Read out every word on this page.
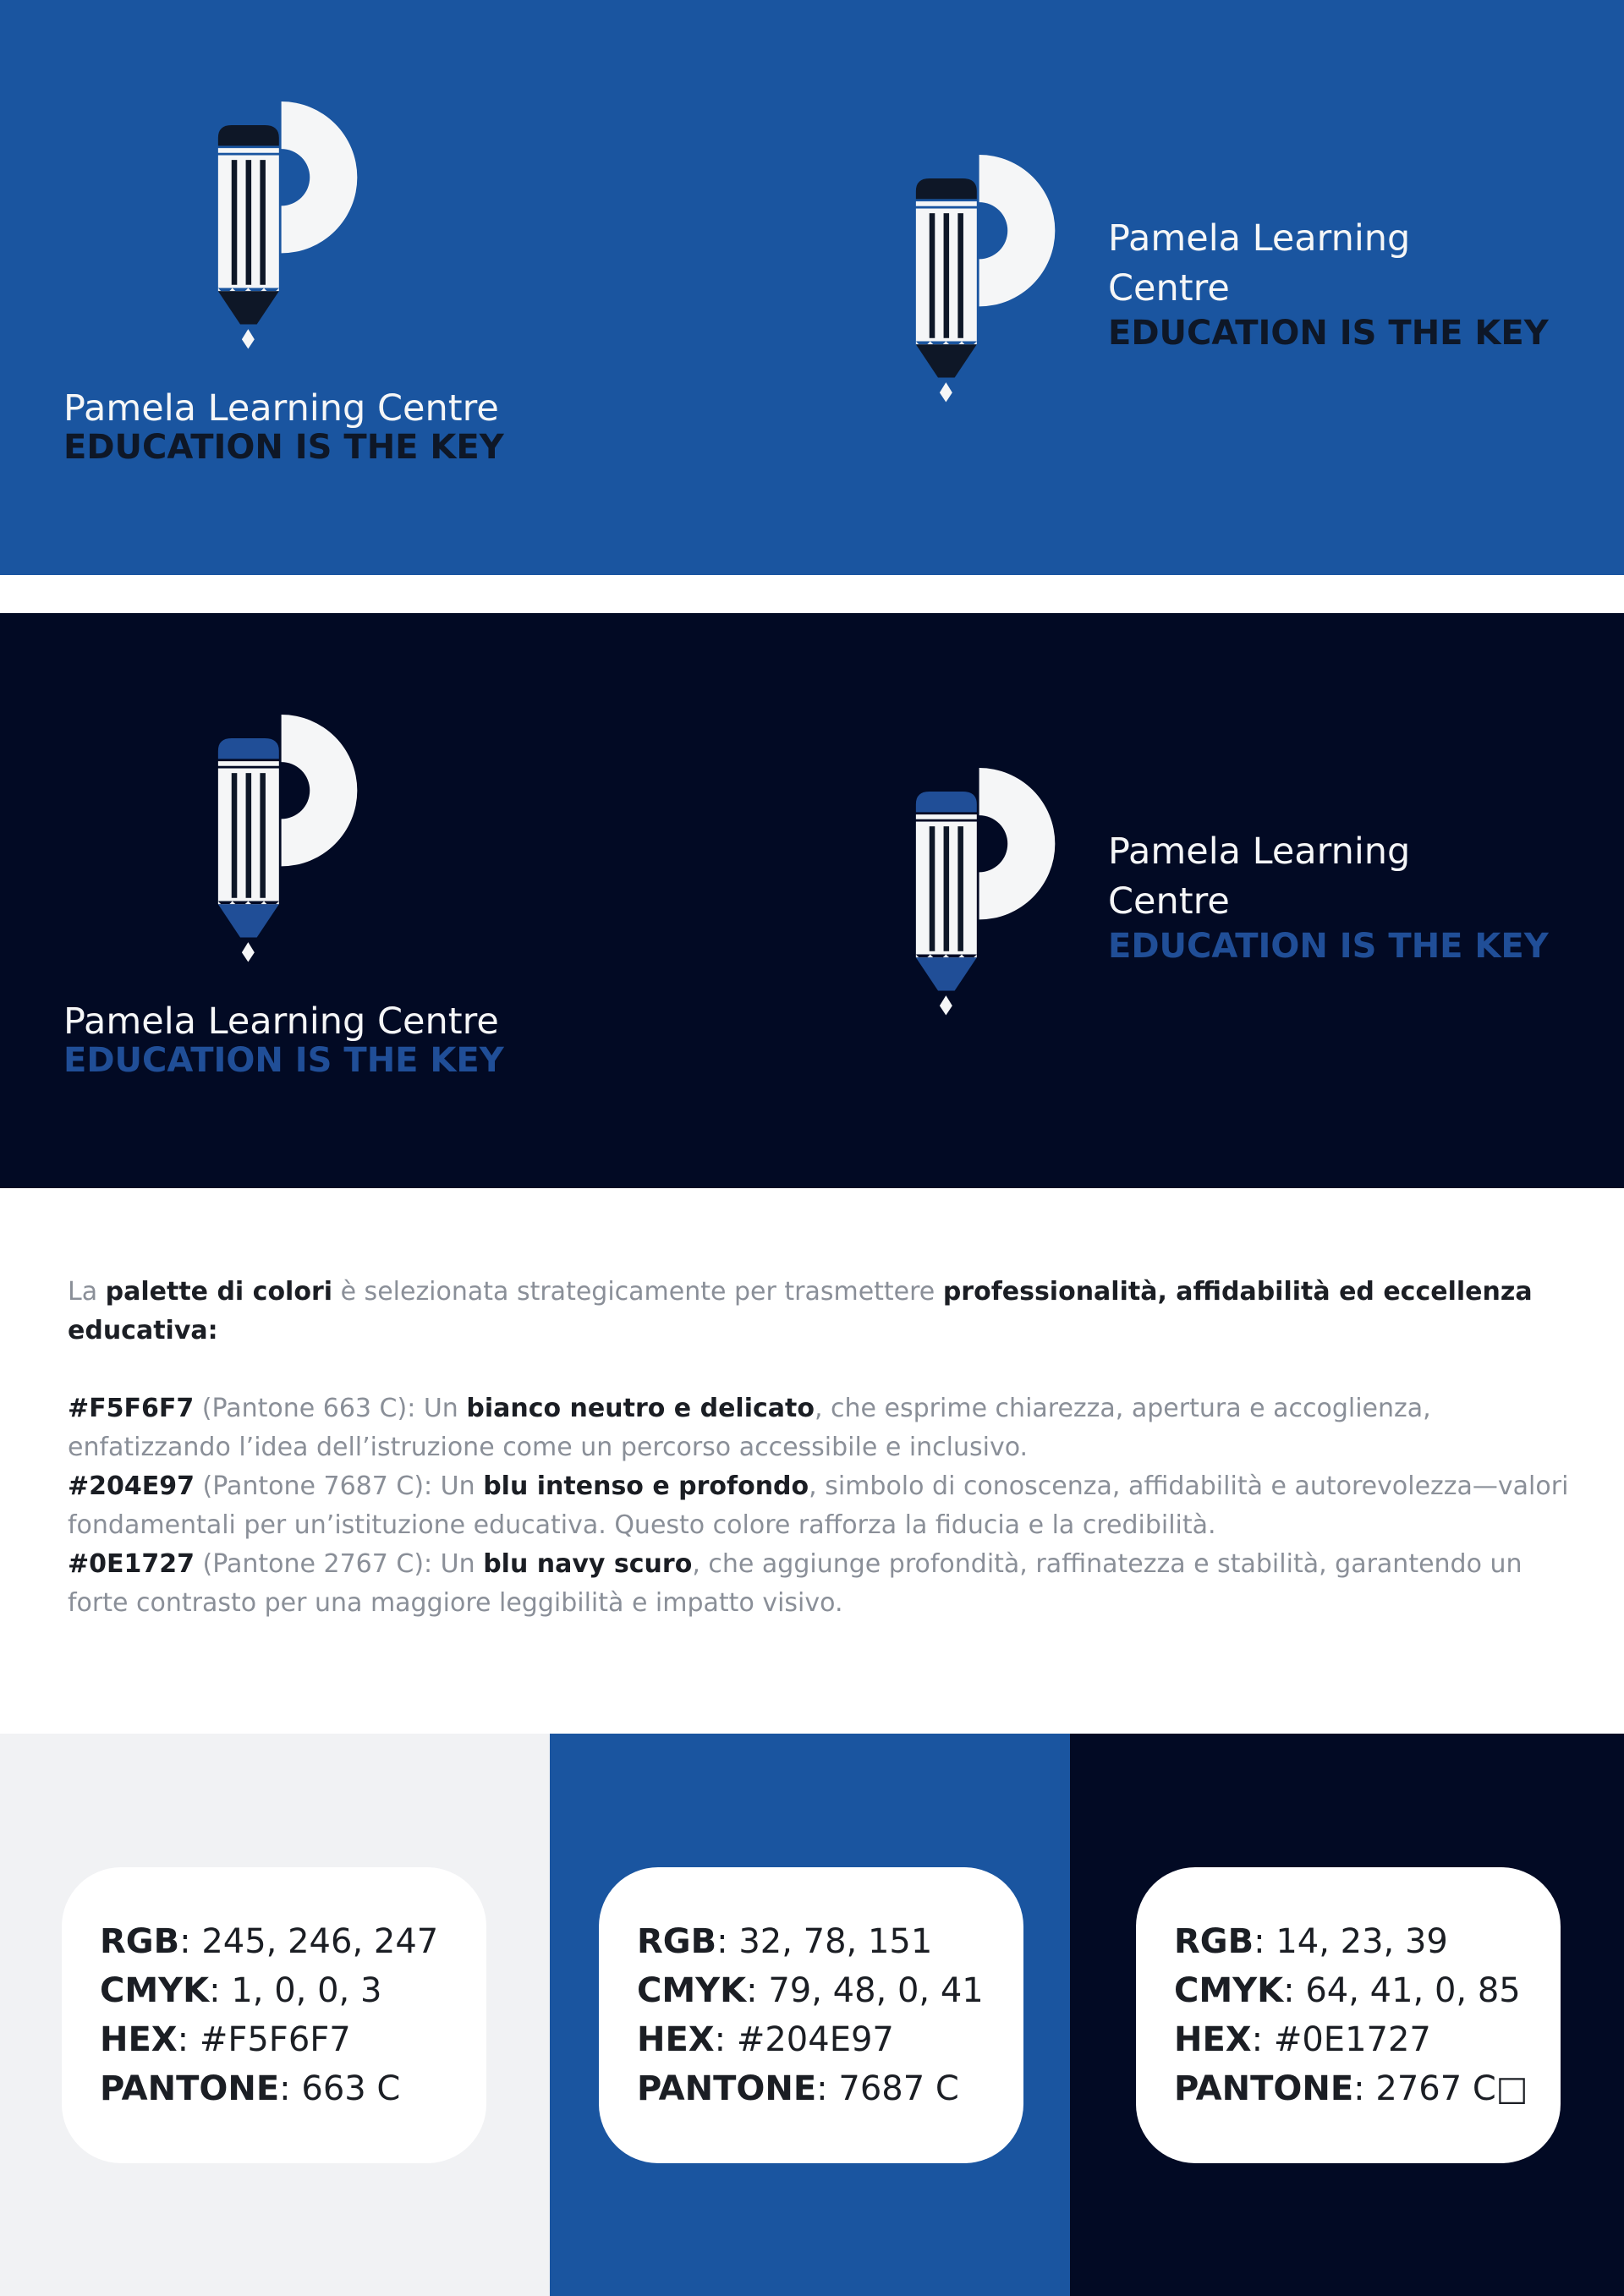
Pamela Learning Centre
EDUCATION IS THE KEY
Pamela Learning
Centre
EDUCATION IS THE KEY
Pamela Learning Centre
EDUCATION IS THE KEY
Pamela Learning
Centre
EDUCATION IS THE KEY

La palette di colori è selezionata strategicamente per trasmettere professionalità, affidabilità ed eccellenza educativa:

#F5F6F7 (Pantone 663 C): Un bianco neutro e delicato, che esprime chiarezza, apertura e accoglienza, enfatizzando l’idea dell’istruzione come un percorso accessibile e inclusivo.

#204E97 (Pantone 7687 C): Un blu intenso e profondo, simbolo di conoscenza, affidabilità e autorevolezza—valori fondamentali per un’istituzione educativa. Questo colore rafforza la fiducia e la credibilità.

#0E1727 (Pantone 2767 C): Un blu navy scuro, che aggiunge profondità, raffinatezza e stabilità, garantendo un forte contrasto per una maggiore leggibilità e impatto visivo.

RGB: 245, 246, 247
CMYK: 1, 0, 0, 3
HEX: #F5F6F7
PANTONE: 663 C
RGB: 32, 78, 151
CMYK: 79, 48, 0, 41
HEX: #204E97
PANTONE: 7687 C
RGB: 14, 23, 39
CMYK: 64, 41, 0, 85
HEX: #0E1727
PANTONE: 2767 C□
